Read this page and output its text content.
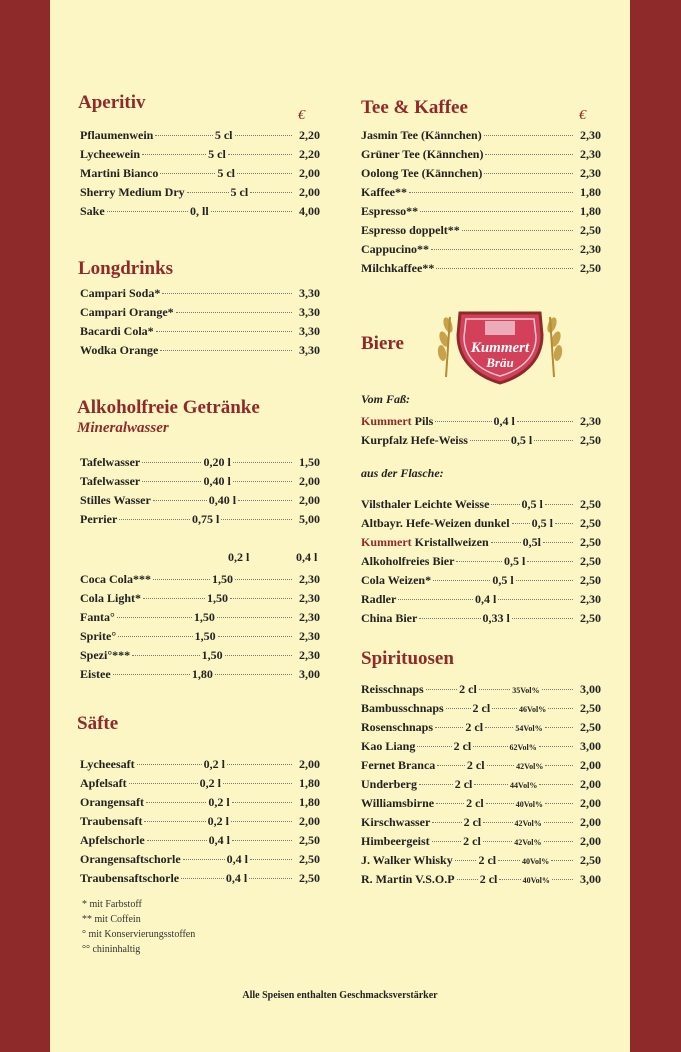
Aperitiv
€
Pflaumenwein	5 cl	2,20
Lycheewein	5 cl	2,20
Martini Bianco	5 cl	2,00
Sherry Medium Dry	5 cl	2,00
Sake	0, ll	4,00
Longdrinks
Campari Soda*	3,30
Campari Orange*	3,30
Bacardi Cola*	3,30
Wodka Orange	3,30
Alkoholfreie Getränke
Mineralwasser
Tafelwasser	0,20 l	1,50
Tafelwasser	0,40 l	2,00
Stilles Wasser	0,40 l	2,00
Perrier	0,75 l	5,00
0,2 l	0,4 l
Coca Cola***	1,50	2,30
Cola Light*	1,50	2,30
Fanta°	1,50	2,30
Sprite°	1,50	2,30
Spezi°***	1,50	2,30
Eistee	1,80	3,00
Säfte
Lycheesaft	0,2 l	2,00
Apfelsaft	0,2 l	1,80
Orangensaft	0,2 l	1,80
Traubensaft	0,2 l	2,00
Apfelschorle	0,4 l	2,50
Orangensaftschorle	0,4 l	2,50
Traubensaftschorle	0,4 l	2,50
* mit Farbstoff
** mit Coffein
° mit Konservierungsstoffen
°° chininhaltig
Tee & Kaffee	€
Jasmin Tee (Kännchen)	2,30
Grüner Tee (Kännchen)	2,30
Oolong Tee (Kännchen)	2,30
Kaffee**	1,80
Espresso**	1,80
Espresso doppelt**	2,50
Cappucino**	2,30
Milchkaffee**	2,50
Biere	Kummert
Bräu
Vom Faß:
Kummert Pils	0,4 l	2,30
Kurpfalz Hefe-Weiss	0,5 l	2,50
aus der Flasche:
Vilsthaler Leichte Weisse	0,5 l	2,50
Altbayr. Hefe-Weizen dunkel 0,5 l	2,50
Kummert Kristallweizen	0,5l	2,50
Alkoholfreies Bier	0,5 l	2,50
Cola Weizen*	0,5 l	2,50
Radler	0,4 l	2,30
China Bier	0,33 l	2,50
Spirituosen
Reisschnaps	2 cl	35Vol%	3,00
Bambusschnaps 2 cl	46Vol%	2,50
Rosenschnaps	2 cl	54Vol%	2,50
Kao Liang	2 cl	62Vol%	3,00
Fernet Branca	2 cl	42Vol%	2,00
Underberg	2 cl	44Vol%	2,00
Williamsbirne	2 cl	40Vol%	2,00
Kirschwasser	2 cl	42Vol%	2,00
Himbeergeist	2 cl	42Vol%	2,00
J. Walker Whisky 2 cl	40Vol%	2,50
R. Martin V.S.O.P 2 cl	40Vol%	3,00
Alle Speisen enthalten Geschmacksverstärker
